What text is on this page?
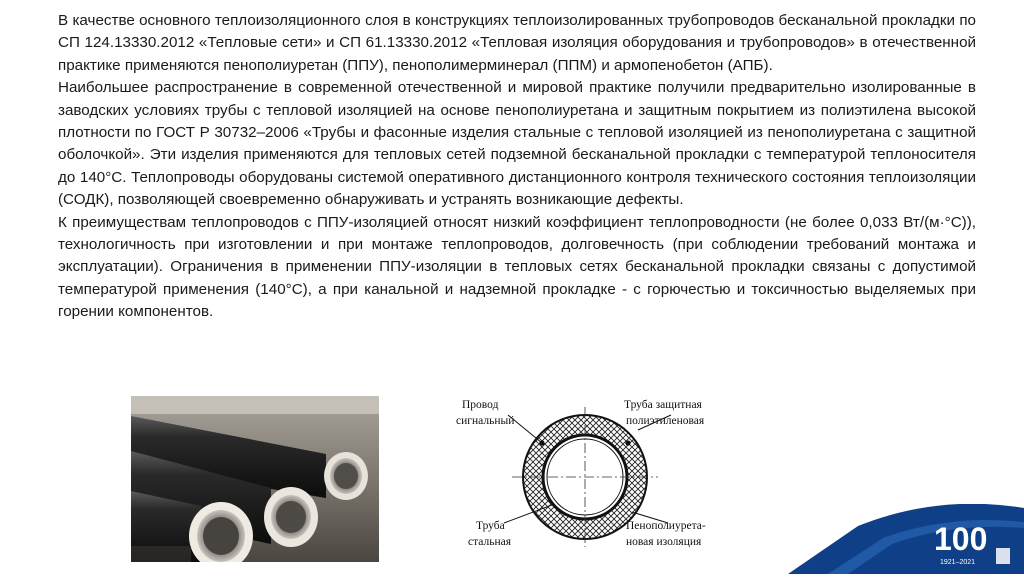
В качестве основного теплоизоляционного слоя в конструкциях теплоизолированных трубопроводов бесканальной прокладки по СП 124.13330.2012 «Тепловые сети» и СП 61.13330.2012 «Тепловая изоляция оборудования и трубопроводов» в отечественной практике применяются пенополиуретан (ППУ), пенополимерминерал (ППМ) и армопенобетон (АПБ).

Наибольшее распространение в современной отечественной и мировой практике получили предварительно изолированные в заводских условиях трубы с тепловой изоляцией на основе пенополиуретана и защитным покрытием из полиэтилена высокой плотности по ГОСТ Р 30732–2006 «Трубы и фасонные изделия стальные с тепловой изоляцией из пенополиуретана с защитной оболочкой». Эти изделия применяются для тепловых сетей подземной бесканальной прокладки с температурой теплоносителя до 140°С. Теплопроводы оборудованы системой оперативного дистанционного контроля технического состояния теплоизоляции (СОДК), позволяющей своевременно обнаруживать и устранять возникающие дефекты.

К преимуществам теплопроводов с ППУ-изоляцией относят низкий коэффициент теплопроводности (не более 0,033 Вт/(м·°С)), технологичность при изготовлении и при монтаже теплопроводов, долговечность (при соблюдении требований монтажа и эксплуатации). Ограничения в применении ППУ-изоляции в тепловых сетях бесканальной прокладки связаны с допустимой температурой применения (140°С), а при канальной и надземной прокладке - с горючестью и токсичностью выделяемых при горении компонентов.

Провод
сигнальный
Труба защитная
полиэтиленовая
Труба
стальная
Пенополиурета-
новая изоляция	100
1921–2021
